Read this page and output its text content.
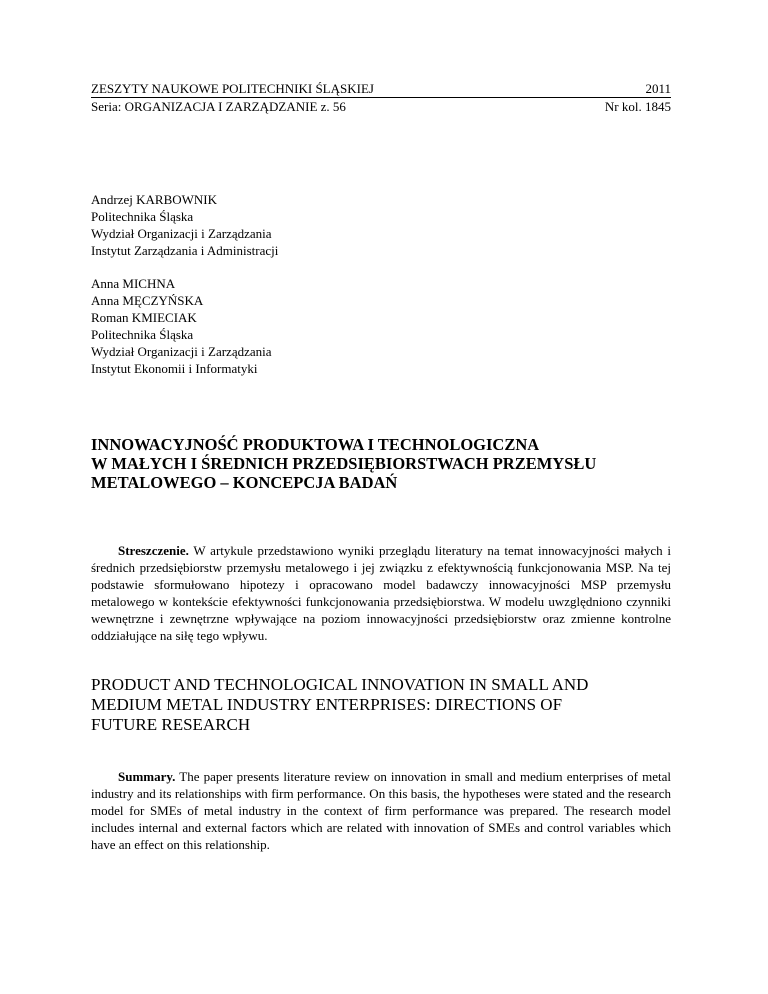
ZESZYTY NAUKOWE POLITECHNIKI ŚLĄSKIEJ	2011
Seria: ORGANIZACJA I ZARZĄDZANIE z. 56	Nr kol. 1845
Andrzej KARBOWNIK
Politechnika Śląska
Wydział Organizacji i Zarządzania
Instytut Zarządzania i Administracji
Anna MICHNA
Anna MĘCZYŃSKA
Roman KMIECIAK
Politechnika Śląska
Wydział Organizacji i Zarządzania
Instytut Ekonomii i Informatyki
INNOWACYJNOŚĆ PRODUKTOWA I TECHNOLOGICZNA
W MAŁYCH I ŚREDNICH PRZEDSIĘBIORSTWACH PRZEMYSŁU
METALOWEGO – KONCEPCJA BADAŃ

Streszczenie. W artykule przedstawiono wyniki przeglądu literatury na temat innowacyjności małych i średnich przedsiębiorstw przemysłu metalowego i jej związku z efektywnością funkcjonowania MSP. Na tej podstawie sformułowano hipotezy i opracowano model badawczy innowacyjności MSP przemysłu metalowego w kontekście efektywności funkcjonowania przedsiębiorstwa. W modelu uwzględniono czynniki wewnętrzne i zewnętrzne wpływające na poziom innowacyjności przedsiębiorstw oraz zmienne kontrolne oddziałujące na siłę tego wpływu.

PRODUCT AND TECHNOLOGICAL INNOVATION IN SMALL AND
MEDIUM METAL INDUSTRY ENTERPRISES: DIRECTIONS OF
FUTURE RESEARCH

Summary. The paper presents literature review on innovation in small and medium enterprises of metal industry and its relationships with firm performance. On this basis, the hypotheses were stated and the research model for SMEs of metal industry in the context of firm performance was prepared. The research model includes internal and external factors which are related with innovation of SMEs and control variables which have an effect on this relationship.
